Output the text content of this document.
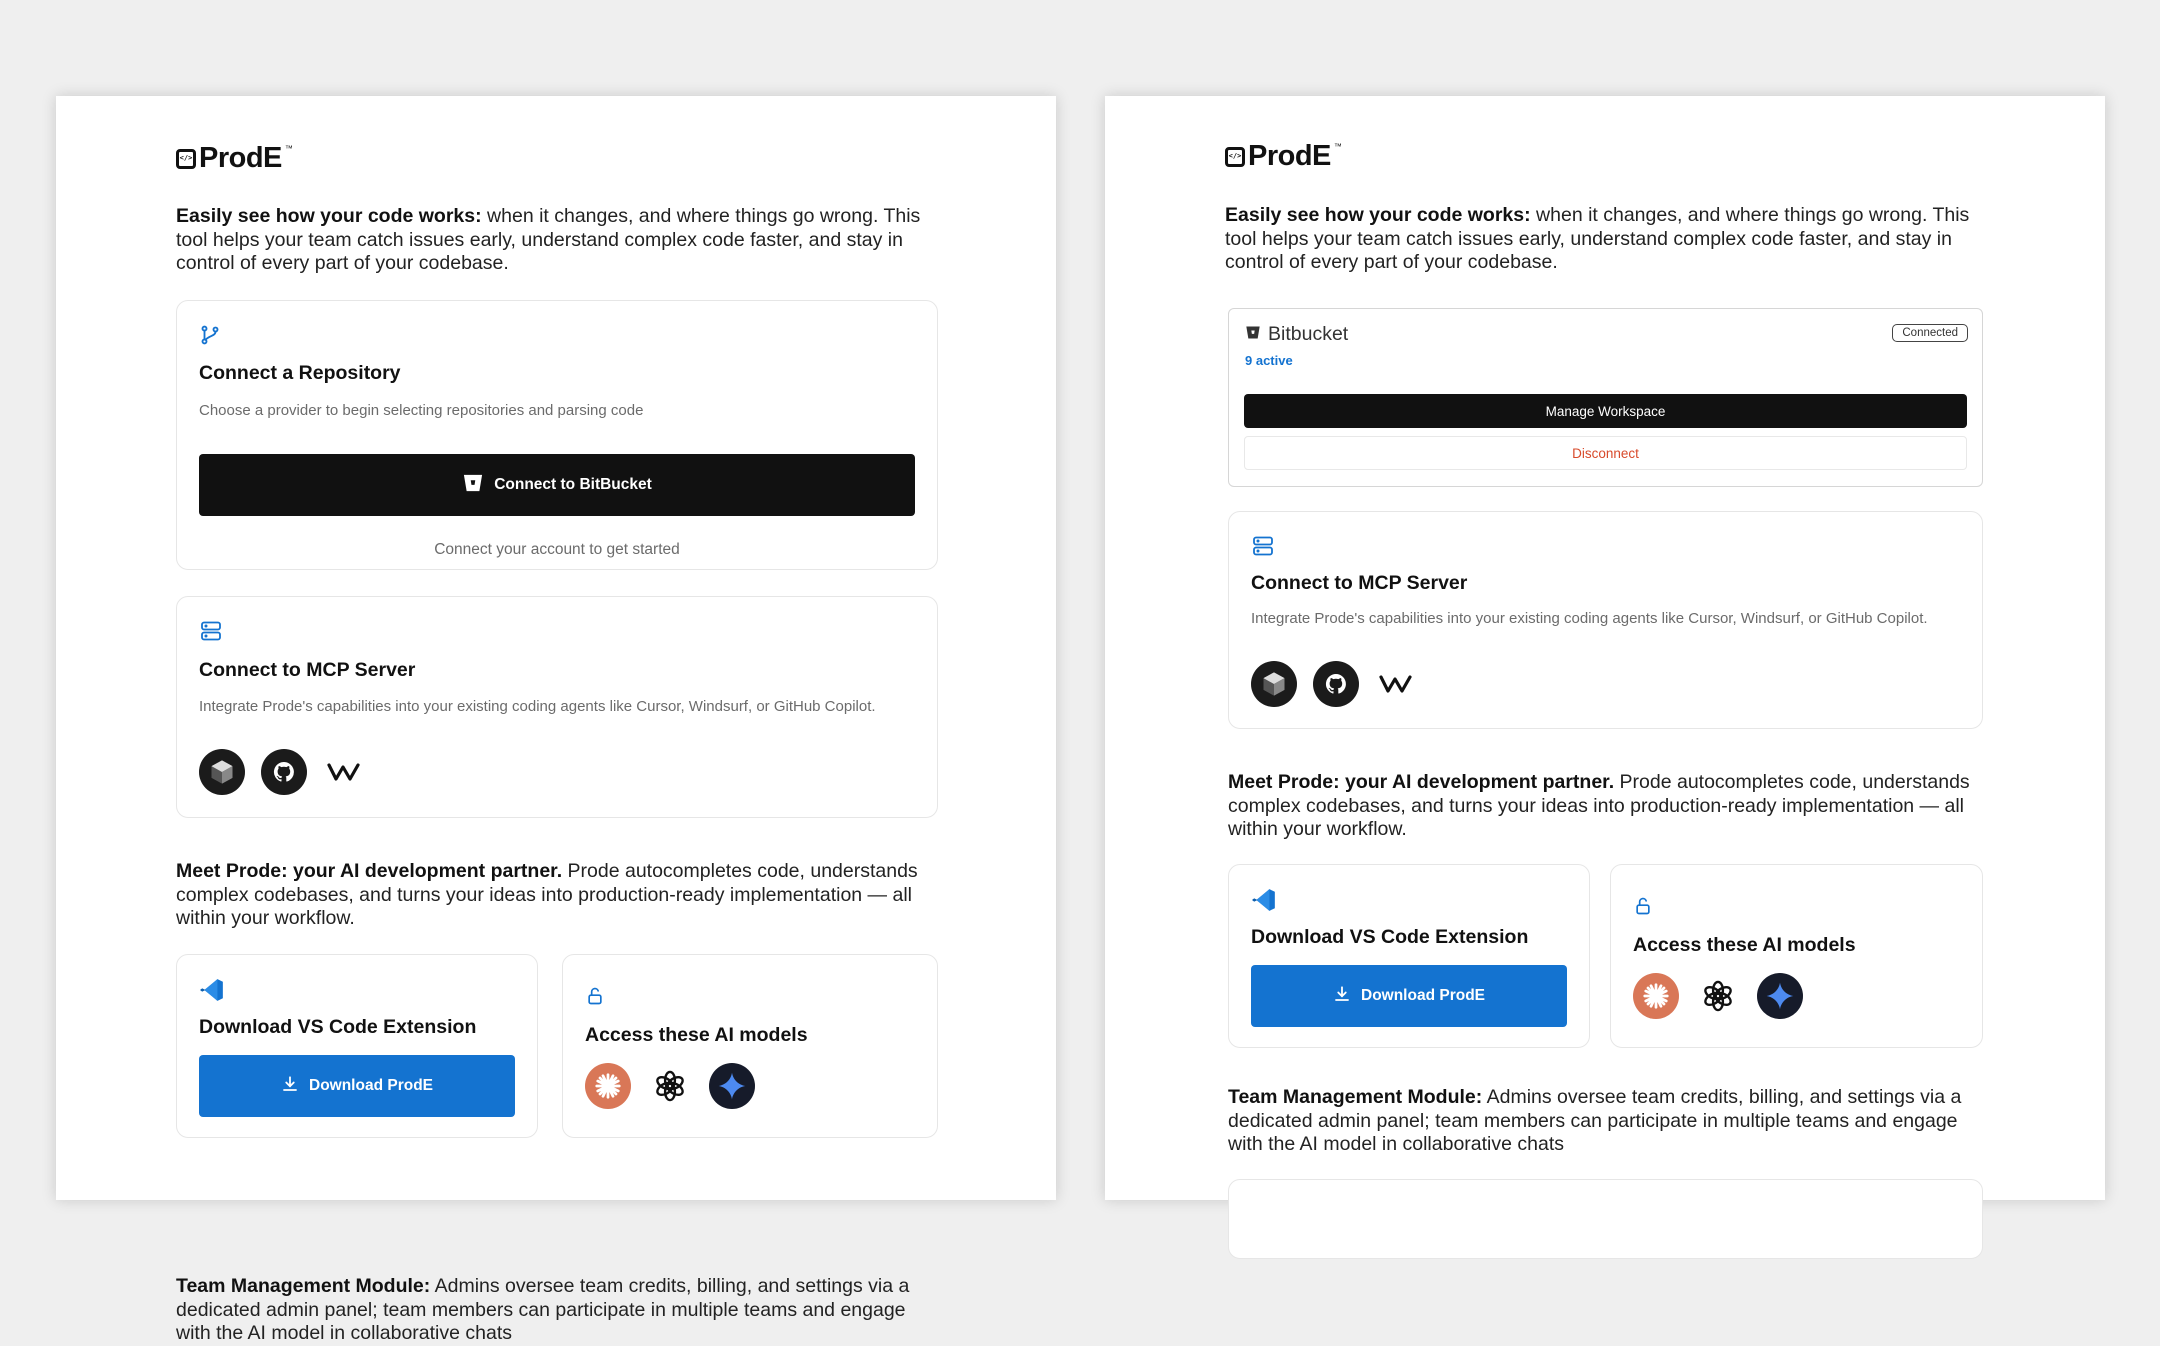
</> ProdE ™

Easily see how your code works: when it changes, and where things go wrong. This tool helps your team catch issues early, understand complex code faster, and stay in control of every part of your codebase.

Connect a Repository
Choose a provider to begin selecting repositories and parsing code
Connect to BitBucket
Connect your account to get started
Connect to MCP Server
Integrate Prode's capabilities into your existing coding agents like Cursor, Windsurf, or GitHub Copilot.

Meet Prode: your AI development partner. Prode autocompletes code, understands complex codebases, and turns your ideas into production-ready implementation — all within your workflow.

Download VS Code Extension
Download ProdE
Access these AI models

Team Management Module: Admins oversee team credits, billing, and settings via a dedicated admin panel; team members can participate in multiple teams and engage with the AI model in collaborative chats

</> ProdE ™

Easily see how your code works: when it changes, and where things go wrong. This tool helps your team catch issues early, understand complex code faster, and stay in control of every part of your codebase.

Bitbucket
9 active
Connected
Manage Workspace
Disconnect
Connect to MCP Server
Integrate Prode's capabilities into your existing coding agents like Cursor, Windsurf, or GitHub Copilot.

Meet Prode: your AI development partner. Prode autocompletes code, understands complex codebases, and turns your ideas into production-ready implementation — all within your workflow.

Download VS Code Extension
Download ProdE
Access these AI models

Team Management Module: Admins oversee team credits, billing, and settings via a dedicated admin panel; team members can participate in multiple teams and engage with the AI model in collaborative chats
